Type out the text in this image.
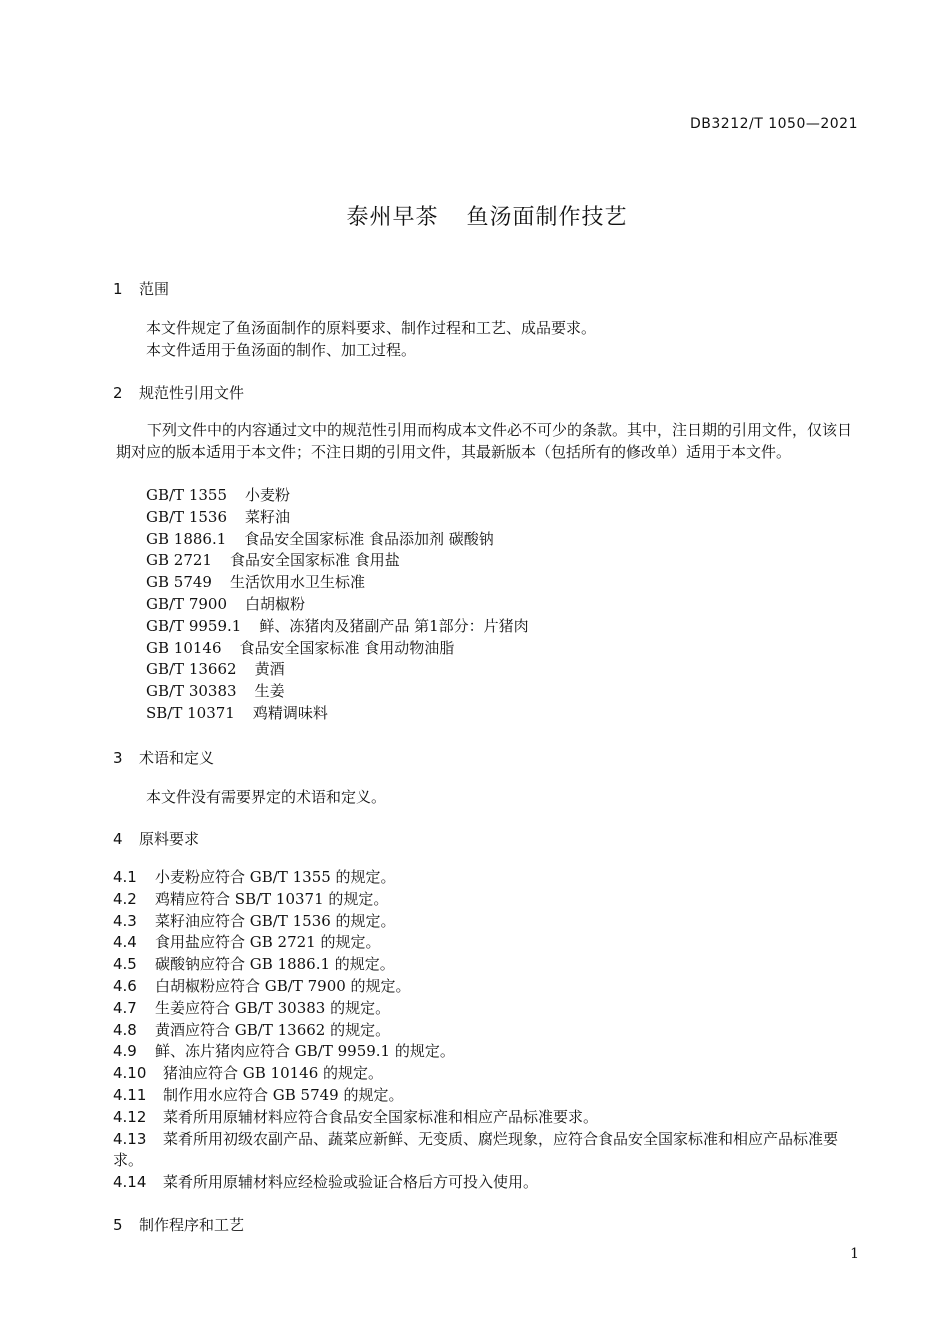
DB3212/T 1050—2021
泰州早茶 鱼汤面制作技艺
1 范围
本文件规定了鱼汤面制作的原料要求、制作过程和工艺、成品要求。
本文件适用于鱼汤面的制作、加工过程。
2 规范性引用文件
下列文件中的内容通过文中的规范性引用而构成本文件必不可少的条款。其中，注日期的引用文件，仅该日期对应的版本适用于本文件；不注日期的引用文件，其最新版本（包括所有的修改单）适用于本文件。
GB/T 1355 小麦粉
GB/T 1536 菜籽油
GB 1886.1 食品安全国家标准 食品添加剂 碳酸钠
GB 2721 食品安全国家标准 食用盐
GB 5749 生活饮用水卫生标准
GB/T 7900 白胡椒粉
GB/T 9959.1 鲜、冻猪肉及猪副产品 第1部分：片猪肉
GB 10146 食品安全国家标准 食用动物油脂
GB/T 13662 黄酒
GB/T 30383 生姜
SB/T 10371 鸡精调味料
3 术语和定义
本文件没有需要界定的术语和定义。
4 原料要求
4.1 小麦粉应符合 GB/T 1355 的规定。
4.2 鸡精应符合 SB/T 10371 的规定。
4.3 菜籽油应符合 GB/T 1536 的规定。
4.4 食用盐应符合 GB 2721 的规定。
4.5 碳酸钠应符合 GB 1886.1 的规定。
4.6 白胡椒粉应符合 GB/T 7900 的规定。
4.7 生姜应符合 GB/T 30383 的规定。
4.8 黄酒应符合 GB/T 13662 的规定。
4.9 鲜、冻片猪肉应符合 GB/T 9959.1 的规定。
4.10 猪油应符合 GB 10146 的规定。
4.11 制作用水应符合 GB 5749 的规定。
4.12 菜肴所用原辅材料应符合食品安全国家标准和相应产品标准要求。
4.13 菜肴所用初级农副产品、蔬菜应新鲜、无变质、腐烂现象，应符合食品安全国家标准和相应产品标准要求。
4.14 菜肴所用原辅材料应经检验或验证合格后方可投入使用。
5 制作程序和工艺
1
